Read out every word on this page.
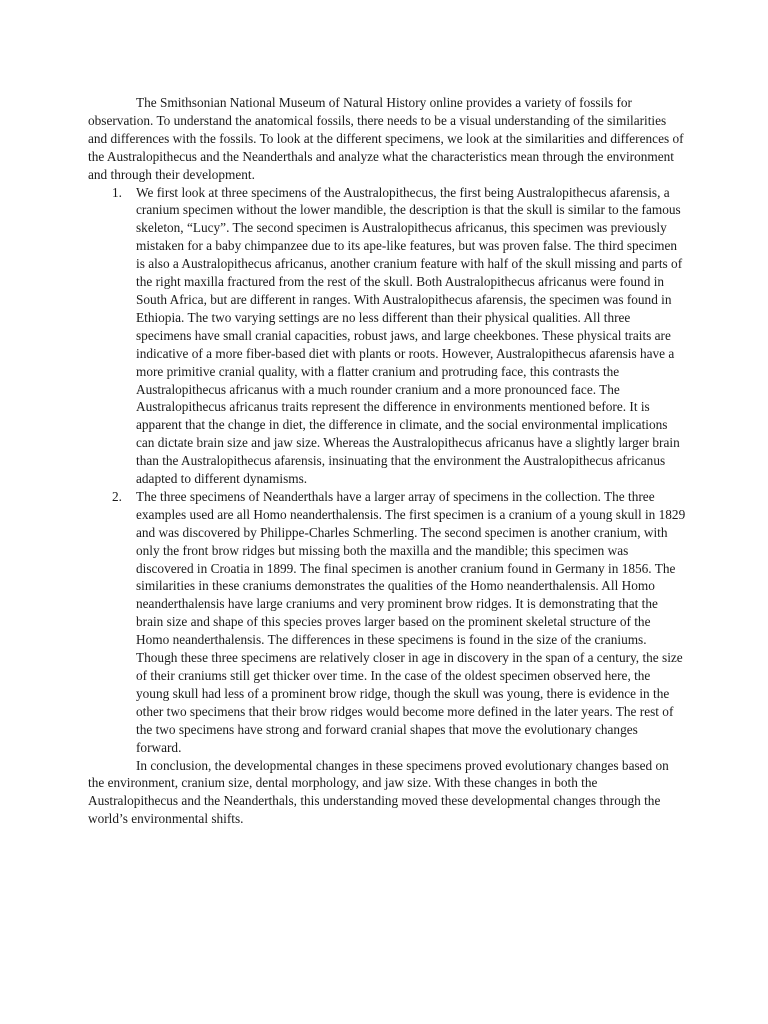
The Smithsonian National Museum of Natural History online provides a variety of fossils for observation. To understand the anatomical fossils, there needs to be a visual understanding of the similarities and differences with the fossils. To look at the different specimens, we look at the similarities and differences of the Australopithecus and the Neanderthals and analyze what the characteristics mean through the environment and through their development.

1. We first look at three specimens of the Australopithecus, the first being Australopithecus afarensis, a cranium specimen without the lower mandible, the description is that the skull is similar to the famous skeleton, “Lucy”. The second specimen is Australopithecus africanus, this specimen was previously mistaken for a baby chimpanzee due to its ape-like features, but was proven false. The third specimen is also a Australopithecus africanus, another cranium feature with half of the skull missing and parts of the right maxilla fractured from the rest of the skull. Both Australopithecus africanus were found in South Africa, but are different in ranges. With Australopithecus afarensis, the specimen was found in Ethiopia. The two varying settings are no less different than their physical qualities. All three specimens have small cranial capacities, robust jaws, and large cheekbones. These physical traits are indicative of a more fiber-based diet with plants or roots. However, Australopithecus afarensis have a more primitive cranial quality, with a flatter cranium and protruding face, this contrasts the Australopithecus africanus with a much rounder cranium and a more pronounced face. The Australopithecus africanus traits represent the difference in environments mentioned before. It is apparent that the change in diet, the difference in climate, and the social environmental implications can dictate brain size and jaw size. Whereas the Australopithecus africanus have a slightly larger brain than the Australopithecus afarensis, insinuating that the environment the Australopithecus africanus adapted to different dynamisms.
2. The three specimens of Neanderthals have a larger array of specimens in the collection. The three examples used are all Homo neanderthalensis. The first specimen is a cranium of a young skull in 1829 and was discovered by Philippe-Charles Schmerling. The second specimen is another cranium, with only the front brow ridges but missing both the maxilla and the mandible; this specimen was discovered in Croatia in 1899. The final specimen is another cranium found in Germany in 1856. The similarities in these craniums demonstrates the qualities of the Homo neanderthalensis. All Homo neanderthalensis have large craniums and very prominent brow ridges. It is demonstrating that the brain size and shape of this species proves larger based on the prominent skeletal structure of the Homo neanderthalensis. The differences in these specimens is found in the size of the craniums. Though these three specimens are relatively closer in age in discovery in the span of a century, the size of their craniums still get thicker over time. In the case of the oldest specimen observed here, the young skull had less of a prominent brow ridge, though the skull was young, there is evidence in the other two specimens that their brow ridges would become more defined in the later years. The rest of the two specimens have strong and forward cranial shapes that move the evolutionary changes forward.

In conclusion, the developmental changes in these specimens proved evolutionary changes based on the environment, cranium size, dental morphology, and jaw size. With these changes in both the Australopithecus and the Neanderthals, this understanding moved these developmental changes through the world’s environmental shifts.
